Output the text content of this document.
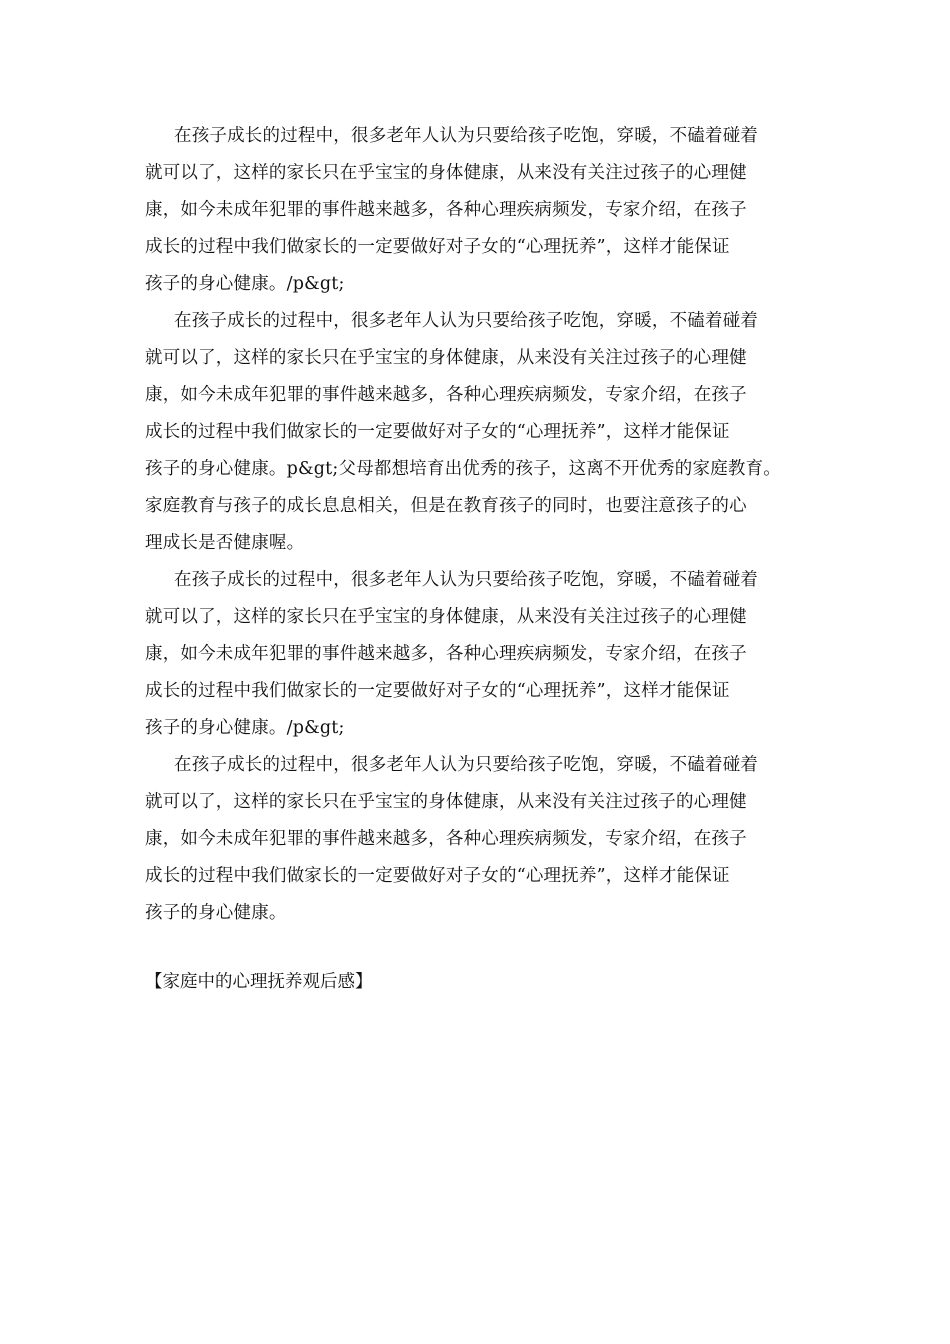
在孩子成长的过程中，很多老年人认为只要给孩子吃饱，穿暖，不磕着碰着
就可以了，这样的家长只在乎宝宝的身体健康，从来没有关注过孩子的心理健
康，如今未成年犯罪的事件越来越多，各种心理疾病频发，专家介绍，在孩子
成长的过程中我们做家长的一定要做好对子女的“心理抚养”，这样才能保证
孩子的身心健康。/p&gt;
在孩子成长的过程中，很多老年人认为只要给孩子吃饱，穿暖，不磕着碰着
就可以了，这样的家长只在乎宝宝的身体健康，从来没有关注过孩子的心理健
康，如今未成年犯罪的事件越来越多，各种心理疾病频发，专家介绍，在孩子
成长的过程中我们做家长的一定要做好对子女的“心理抚养”，这样才能保证
孩子的身心健康。p&gt;父母都想培育出优秀的孩子，这离不开优秀的家庭教育。
家庭教育与孩子的成长息息相关，但是在教育孩子的同时，也要注意孩子的心
理成长是否健康喔。
在孩子成长的过程中，很多老年人认为只要给孩子吃饱，穿暖，不磕着碰着
就可以了，这样的家长只在乎宝宝的身体健康，从来没有关注过孩子的心理健
康，如今未成年犯罪的事件越来越多，各种心理疾病频发，专家介绍，在孩子
成长的过程中我们做家长的一定要做好对子女的“心理抚养”，这样才能保证
孩子的身心健康。/p&gt;
在孩子成长的过程中，很多老年人认为只要给孩子吃饱，穿暖，不磕着碰着
就可以了，这样的家长只在乎宝宝的身体健康，从来没有关注过孩子的心理健
康，如今未成年犯罪的事件越来越多，各种心理疾病频发，专家介绍，在孩子
成长的过程中我们做家长的一定要做好对子女的“心理抚养”，这样才能保证
孩子的身心健康。
【家庭中的心理抚养观后感】
